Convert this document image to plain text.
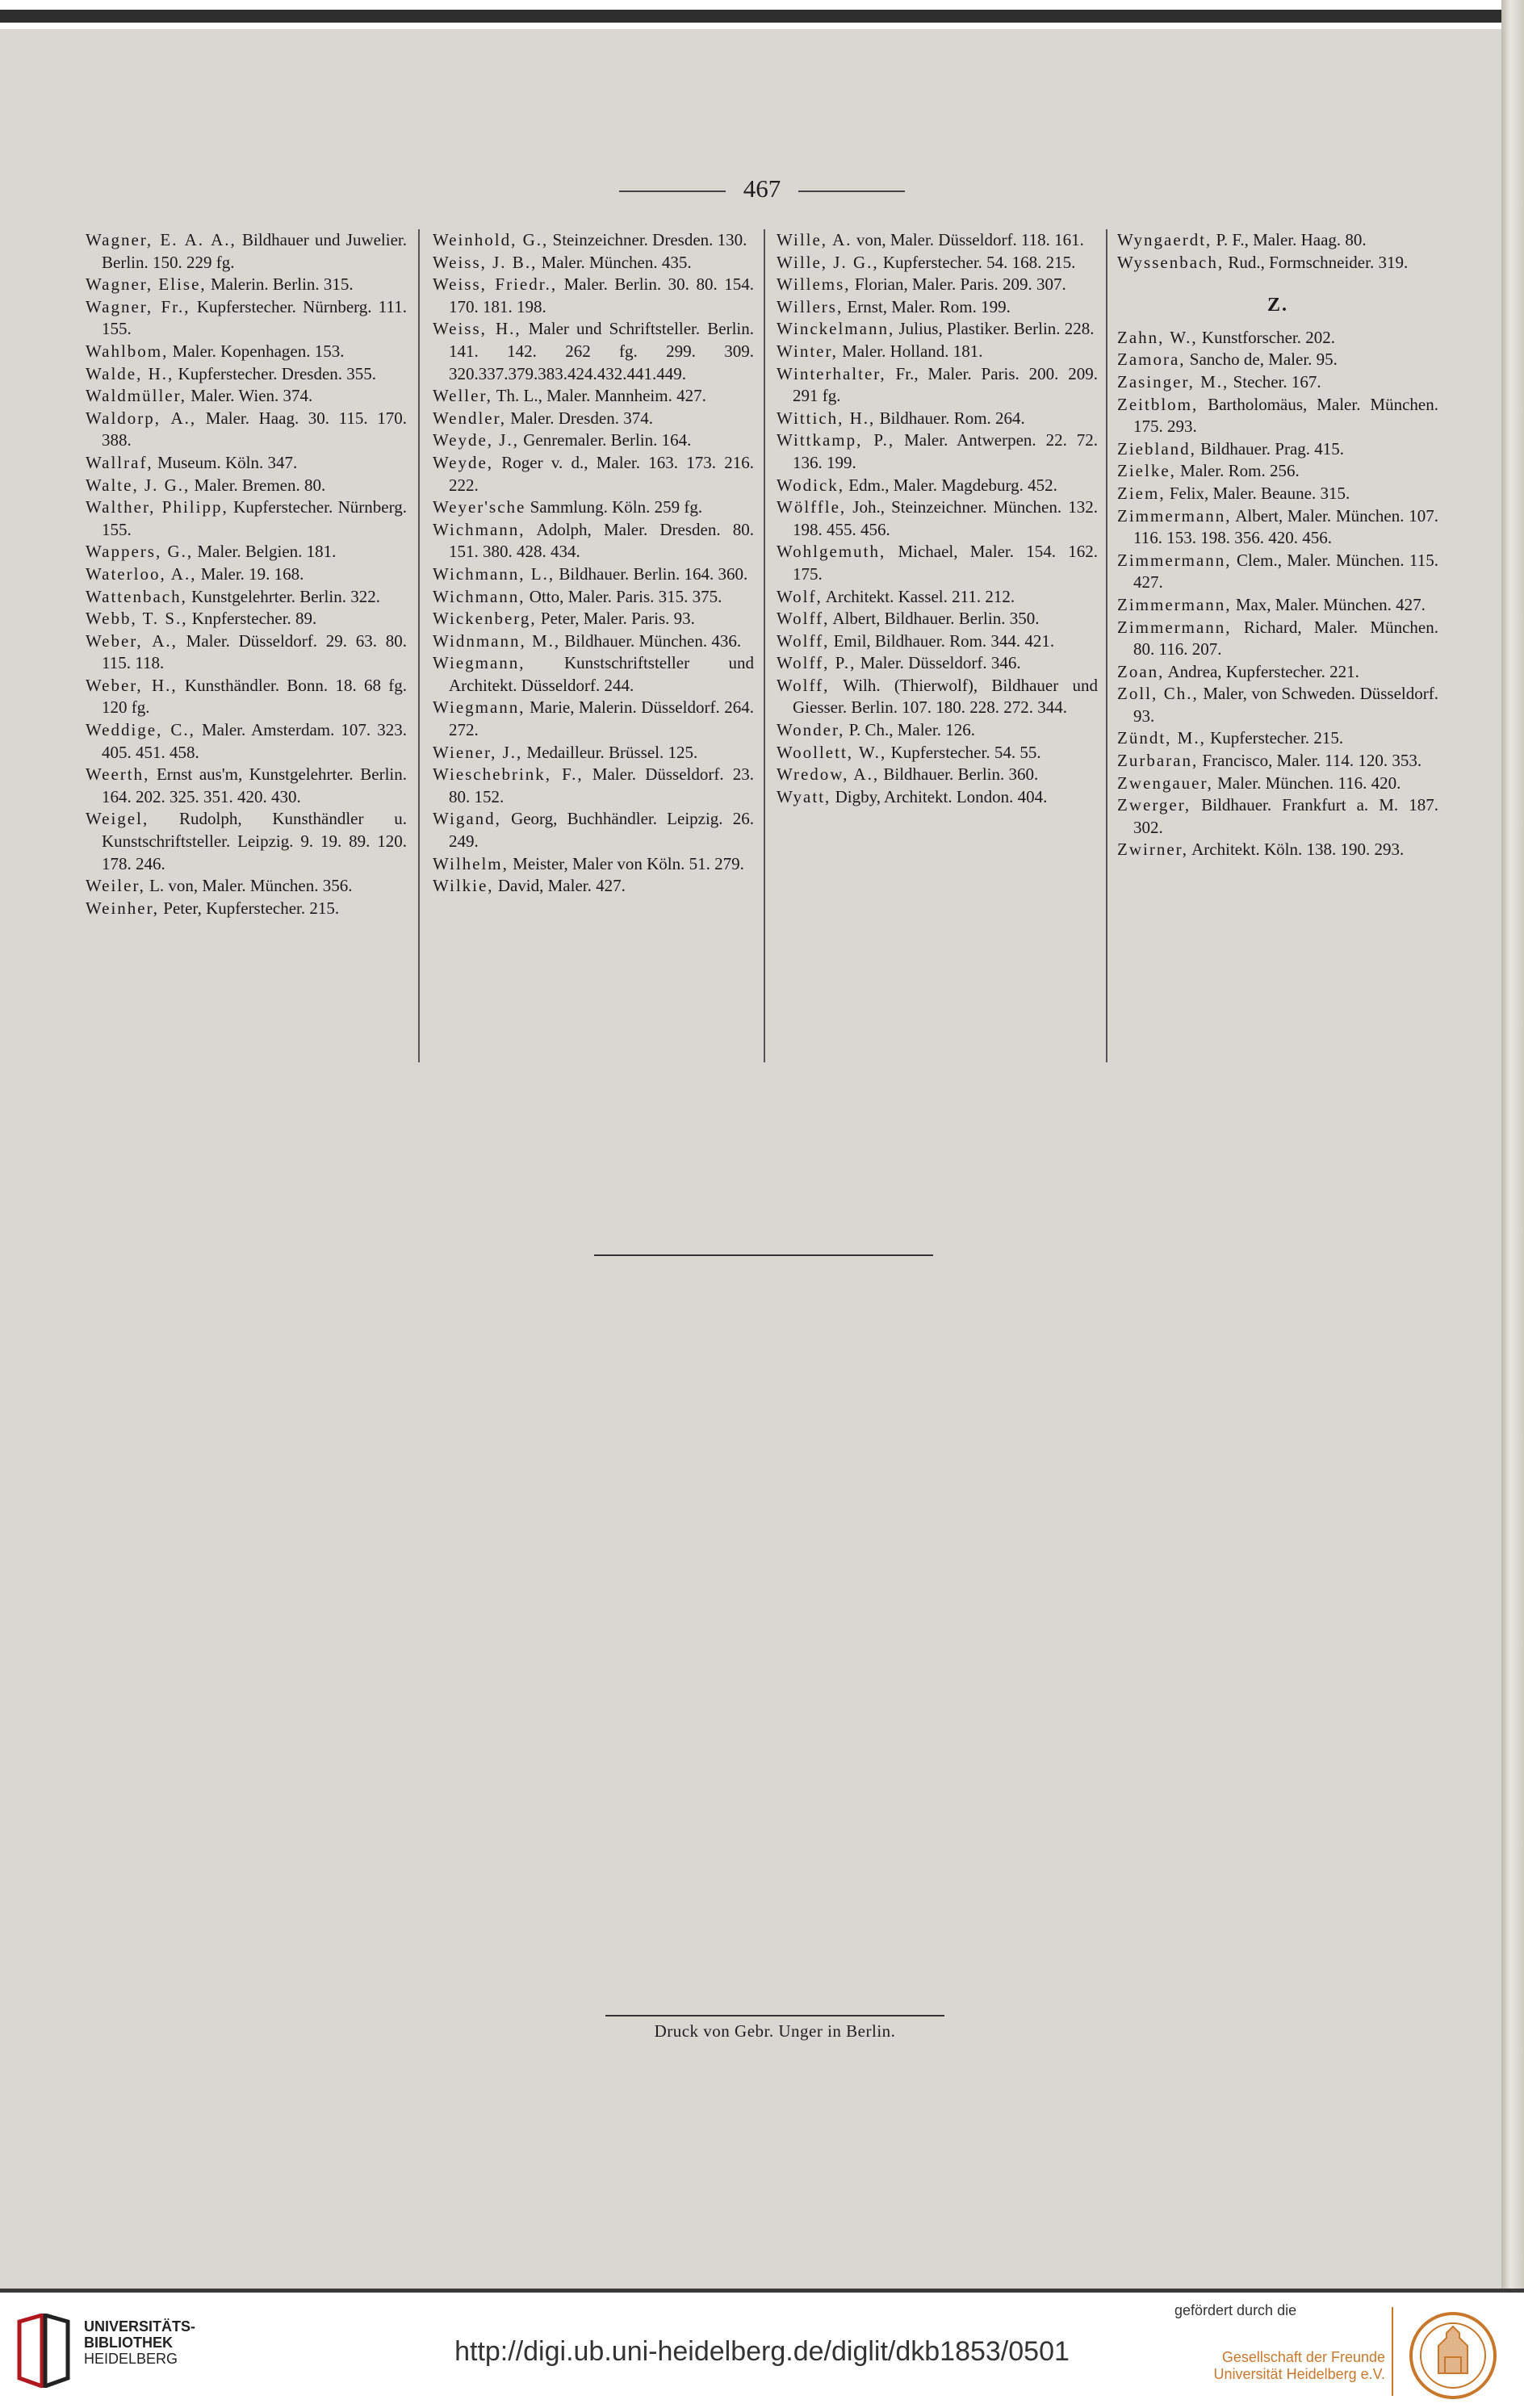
467

Wagner, E. A. A., Bildhauer und Juwelier. Berlin. 150. 229 fg.

Wagner, Elise, Malerin. Berlin. 315.

Wagner, Fr., Kupferstecher. Nürnberg. 111. 155.

Wahlbom, Maler. Kopenhagen. 153.

Walde, H., Kupferstecher. Dresden. 355.

Waldmüller, Maler. Wien. 374.

Waldorp, A., Maler. Haag. 30. 115. 170. 388.

Wallraf, Museum. Köln. 347.

Walte, J. G., Maler. Bremen. 80.

Walther, Philipp, Kupferstecher. Nürnberg. 155.

Wappers, G., Maler. Belgien. 181.

Waterloo, A., Maler. 19. 168.

Wattenbach, Kunstgelehrter. Berlin. 322.

Webb, T. S., Knpferstecher. 89.

Weber, A., Maler. Düsseldorf. 29. 63. 80. 115. 118.

Weber, H., Kunsthändler. Bonn. 18. 68 fg. 120 fg.

Weddige, C., Maler. Amsterdam. 107. 323. 405. 451. 458.

Weerth, Ernst aus'm, Kunstgelehrter. Berlin. 164. 202. 325. 351. 420. 430.

Weigel, Rudolph, Kunsthändler u. Kunstschriftsteller. Leipzig. 9. 19. 89. 120. 178. 246.

Weiler, L. von, Maler. München. 356.

Weinher, Peter, Kupferstecher. 215.

Weinhold, G., Steinzeichner. Dresden. 130.

Weiss, J. B., Maler. München. 435.

Weiss, Friedr., Maler. Berlin. 30. 80. 154. 170. 181. 198.

Weiss, H., Maler und Schriftsteller. Berlin. 141. 142. 262 fg. 299. 309. 320.337.379.383.424.432.441.449.

Weller, Th. L., Maler. Mannheim. 427.

Wendler, Maler. Dresden. 374.

Weyde, J., Genremaler. Berlin. 164.

Weyde, Roger v. d., Maler. 163. 173. 216. 222.

Weyer'sche Sammlung. Köln. 259 fg.

Wichmann, Adolph, Maler. Dresden. 80. 151. 380. 428. 434.

Wichmann, L., Bildhauer. Berlin. 164. 360.

Wichmann, Otto, Maler. Paris. 315. 375.

Wickenberg, Peter, Maler. Paris. 93.

Widnmann, M., Bildhauer. München. 436.

Wiegmann, Kunstschriftsteller und Architekt. Düsseldorf. 244.

Wiegmann, Marie, Malerin. Düsseldorf. 264. 272.

Wiener, J., Medailleur. Brüssel. 125.

Wieschebrink, F., Maler. Düsseldorf. 23. 80. 152.

Wigand, Georg, Buchhändler. Leipzig. 26. 249.

Wilhelm, Meister, Maler von Köln. 51. 279.

Wilkie, David, Maler. 427.

Wille, A. von, Maler. Düsseldorf. 118. 161.

Wille, J. G., Kupferstecher. 54. 168. 215.

Willems, Florian, Maler. Paris. 209. 307.

Willers, Ernst, Maler. Rom. 199.

Winckelmann, Julius, Plastiker. Berlin. 228.

Winter, Maler. Holland. 181.

Winterhalter, Fr., Maler. Paris. 200. 209. 291 fg.

Wittich, H., Bildhauer. Rom. 264.

Wittkamp, P., Maler. Antwerpen. 22. 72. 136. 199.

Wodick, Edm., Maler. Magdeburg. 452.

Wölffle, Joh., Steinzeichner. München. 132. 198. 455. 456.

Wohlgemuth, Michael, Maler. 154. 162. 175.

Wolf, Architekt. Kassel. 211. 212.

Wolff, Albert, Bildhauer. Berlin. 350.

Wolff, Emil, Bildhauer. Rom. 344. 421.

Wolff, P., Maler. Düsseldorf. 346.

Wolff, Wilh. (Thierwolf), Bildhauer und Giesser. Berlin. 107. 180. 228. 272. 344.

Wonder, P. Ch., Maler. 126.

Woollett, W., Kupferstecher. 54. 55.

Wredow, A., Bildhauer. Berlin. 360.

Wyatt, Digby, Architekt. London. 404.

Wyngaerdt, P. F., Maler. Haag. 80.

Wyssenbach, Rud., Formschneider. 319.

Z.

Zahn, W., Kunstforscher. 202.

Zamora, Sancho de, Maler. 95.

Zasinger, M., Stecher. 167.

Zeitblom, Bartholomäus, Maler. München. 175. 293.

Ziebland, Bildhauer. Prag. 415.

Zielke, Maler. Rom. 256.

Ziem, Felix, Maler. Beaune. 315.

Zimmermann, Albert, Maler. München. 107. 116. 153. 198. 356. 420. 456.

Zimmermann, Clem., Maler. München. 115. 427.

Zimmermann, Max, Maler. München. 427.

Zimmermann, Richard, Maler. München. 80. 116. 207.

Zoan, Andrea, Kupferstecher. 221.

Zoll, Ch., Maler, von Schweden. Düsseldorf. 93.

Zündt, M., Kupferstecher. 215.

Zurbaran, Francisco, Maler. 114. 120. 353.

Zwengauer, Maler. München. 116. 420.

Zwerger, Bildhauer. Frankfurt a. M. 187. 302.

Zwirner, Architekt. Köln. 138. 190. 293.

Druck von Gebr. Unger in Berlin.
UNIVERSITÄTS-
BIBLIOTHEK
HEIDELBERG	http://digi.ub.uni-heidelberg.de/diglit/dkb1853/0501
gefördert durch die
Gesellschaft der Freunde
Universität Heidelberg e.V.
